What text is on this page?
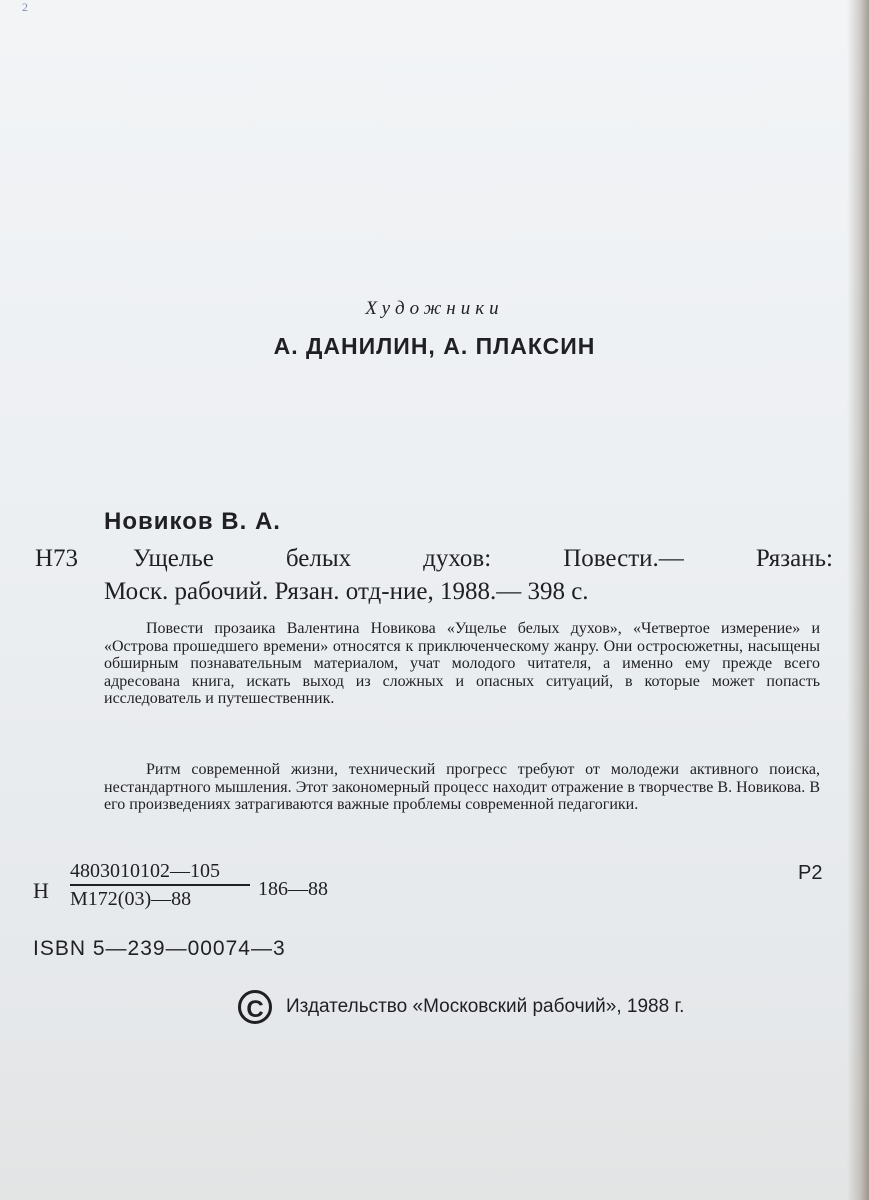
2
Художники
А. ДАНИЛИН, А. ПЛАКСИН
Новиков В. А.
Н73 Ущелье белых духов: Повести.— Рязань:
Моск. рабочий. Рязан. отд-ние, 1988.— 398 с.

Повести прозаика Валентина Новикова «Ущелье белых духов», «Четвертое измерение» и «Острова прошедшего времени» относятся к приключенческому жанру. Они остросюжетны, насыщены обширным познавательным материалом, учат молодого читателя, а именно ему прежде всего адресована книга, искать выход из сложных и опасных ситуаций, в которые может попасть исследователь и путешественник.

Ритм современной жизни, технический прогресс требуют от молодежи активного поиска, нестандартного мышления. Этот закономерный процесс находит отражение в творчестве В. Новикова. В его произведениях затрагиваются важные проблемы современной педагогики.

Н
4803010102—105
М172(03)—88	186—88
Р2
ISBN 5—239—00074—3
C	Издательство «Московский рабочий», 1988 г.
